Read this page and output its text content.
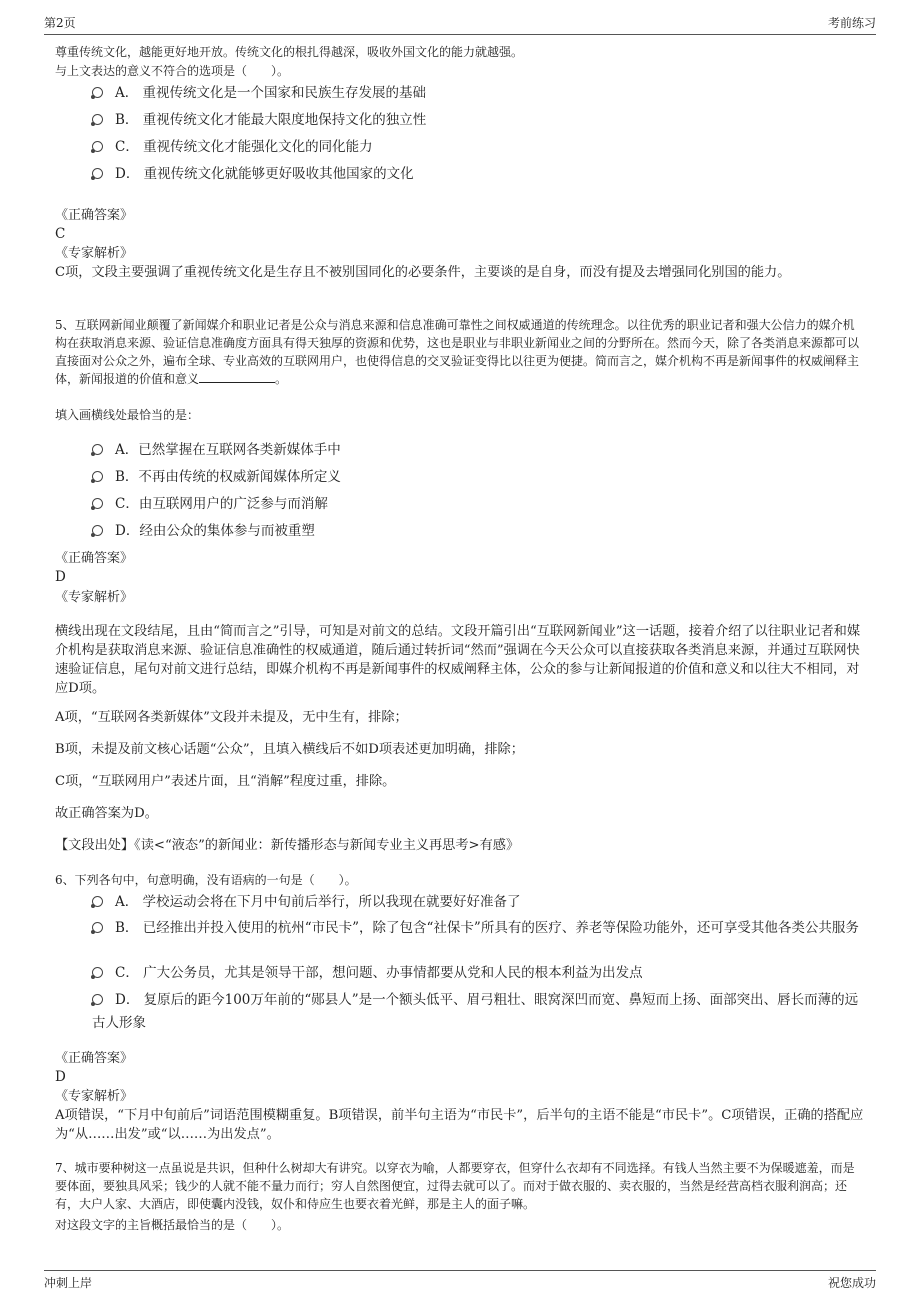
第2页	考前练习

尊重传统文化，越能更好地开放。传统文化的根扎得越深，吸收外国文化的能力就越强。

与上文表达的意义不符合的选项是（　　）。

A． 重视传统文化是一个国家和民族生存发展的基础

B． 重视传统文化才能最大限度地保持文化的独立性

C． 重视传统文化才能强化文化的同化能力

D． 重视传统文化就能够更好吸收其他国家的文化

《正确答案》

C

《专家解析》

C项，文段主要强调了重视传统文化是生存且不被别国同化的必要条件，主要谈的是自身，而没有提及去增强同化别国的能力。

5、互联网新闻业颠覆了新闻媒介和职业记者是公众与消息来源和信息准确可靠性之间权威通道的传统理念。以往优秀的职业记者和强大公信力的媒介机构在获取消息来源、验证信息准确度方面具有得天独厚的资源和优势，这也是职业与非职业新闻业之间的分野所在。然而今天，除了各类消息来源都可以直接面对公众之外，遍布全球、专业高效的互联网用户，也使得信息的交叉验证变得比以往更为便捷。简而言之，媒介机构不再是新闻事件的权威阐释主体，新闻报道的价值和意义	。

填入画横线处最恰当的是：

A．已然掌握在互联网各类新媒体手中

B．不再由传统的权威新闻媒体所定义

C．由互联网用户的广泛参与而消解

D．经由公众的集体参与而被重塑

《正确答案》

D

《专家解析》

横线出现在文段结尾，且由“简而言之”引导，可知是对前文的总结。文段开篇引出“互联网新闻业”这一话题，接着介绍了以往职业记者和媒介机构是获取消息来源、验证信息准确性的权威通道，随后通过转折词“然而”强调在今天公众可以直接获取各类消息来源，并通过互联网快速验证信息，尾句对前文进行总结，即媒介机构不再是新闻事件的权威阐释主体，公众的参与让新闻报道的价值和意义和以往大不相同，对应D项。

A项，“互联网各类新媒体”文段并未提及，无中生有，排除；

B项，未提及前文核心话题“公众”，且填入横线后不如D项表述更加明确，排除；

C项，“互联网用户”表述片面，且“消解”程度过重，排除。

故正确答案为D。

【文段出处】《读<“液态”的新闻业：新传播形态与新闻专业主义再思考>有感》

6、下列各句中，句意明确，没有语病的一句是（　　）。

A． 学校运动会将在下月中旬前后举行，所以我现在就要好好准备了

B． 已经推出并投入使用的杭州“市民卡”，除了包含“社保卡”所具有的医疗、养老等保险功能外，还可享受其他各类公共服务

C． 广大公务员，尤其是领导干部，想问题、办事情都要从党和人民的根本利益为出发点

D． 复原后的距今100万年前的“郧县人”是一个额头低平、眉弓粗壮、眼窝深凹而宽、鼻短而上扬、面部突出、唇长而薄的远古人形象

《正确答案》

D

《专家解析》

A项错误，“下月中旬前后”词语范围模糊重复。B项错误，前半句主语为“市民卡”，后半句的主语不能是“市民卡”。C项错误，正确的搭配应为“从……出发”或“以……为出发点”。

7、城市要种树这一点虽说是共识，但种什么树却大有讲究。以穿衣为喻，人都要穿衣，但穿什么衣却有不同选择。有钱人当然主要不为保暖遮羞，而是要体面，要独具风采；钱少的人就不能不量力而行；穷人自然图便宜，过得去就可以了。而对于做衣服的、卖衣服的，当然是经营高档衣服利润高；还有，大户人家、大酒店，即使囊内没钱，奴仆和侍应生也要衣着光鲜，那是主人的面子嘛。

对这段文字的主旨概括最恰当的是（　　）。

冲刺上岸	祝您成功
